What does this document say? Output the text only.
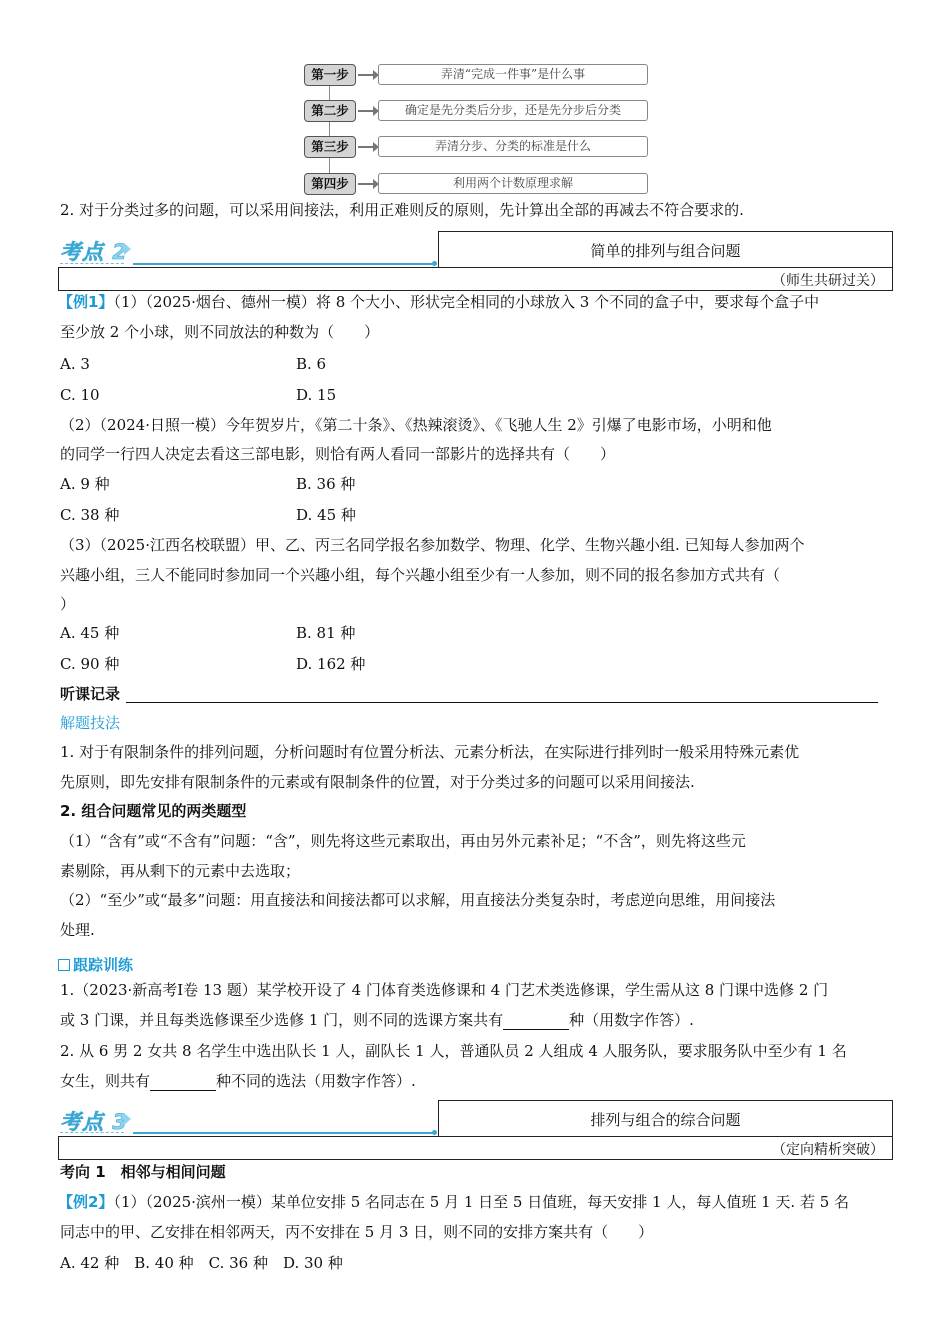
第一步	弄清“完成一件事”是什么事
第二步	确定是先分类后分步，还是先分步后分类
第三步	弄清分步、分类的标准是什么
第四步	利用两个计数原理求解
2. 对于分类过多的问题，可以采用间接法，利用正难则反的原则，先计算出全部的再减去不符合要求的.
考点 2	简单的排列与组合问题
（师生共研过关）
【例1】（1）（2025·烟台、德州一模）将 8 个大小、形状完全相同的小球放入 3 个不同的盒子中，要求每个盒子中
至少放 2 个小球，则不同放法的种数为（　　）
A. 3	B. 6
C. 10	D. 15
（2）（2024·日照一模）今年贺岁片，《第二十条》、《热辣滚烫》、《飞驰人生 2》引爆了电影市场，小明和他
的同学一行四人决定去看这三部电影，则恰有两人看同一部影片的选择共有（　　）
A. 9 种	B. 36 种
C. 38 种	D. 45 种
（3）（2025·江西名校联盟）甲、乙、丙三名同学报名参加数学、物理、化学、生物兴趣小组. 已知每人参加两个
兴趣小组，三人不能同时参加同一个兴趣小组，每个兴趣小组至少有一人参加，则不同的报名参加方式共有（
）
A. 45 种	B. 81 种
C. 90 种	D. 162 种
听课记录
解题技法
1. 对于有限制条件的排列问题，分析问题时有位置分析法、元素分析法，在实际进行排列时一般采用特殊元素优
先原则，即先安排有限制条件的元素或有限制条件的位置，对于分类过多的问题可以采用间接法.
2. 组合问题常见的两类题型
（1）“含有”或“不含有”问题：“含”，则先将这些元素取出，再由另外元素补足；“不含”，则先将这些元
素剔除，再从剩下的元素中去选取；
（2）“至少”或“最多”问题：用直接法和间接法都可以求解，用直接法分类复杂时，考虑逆向思维，用间接法
处理.
跟踪训练
1.（2023·新高考Ⅰ卷 13 题）某学校开设了 4 门体育类选修课和 4 门艺术类选修课，学生需从这 8 门课中选修 2 门
或 3 门课，并且每类选修课至少选修 1 门，则不同的选课方案共有	种（用数字作答）.
2. 从 6 男 2 女共 8 名学生中选出队长 1 人，副队长 1 人，普通队员 2 人组成 4 人服务队，要求服务队中至少有 1 名
女生，则共有	种不同的选法（用数字作答）.
考点 3	排列与组合的综合问题
（定向精析突破）
考向 1　相邻与相间问题
【例2】（1）（2025·滨州一模）某单位安排 5 名同志在 5 月 1 日至 5 日值班，每天安排 1 人，每人值班 1 天. 若 5 名
同志中的甲、乙安排在相邻两天，丙不安排在 5 月 3 日，则不同的安排方案共有（　　）
A. 42 种　B. 40 种　C. 36 种　D. 30 种
